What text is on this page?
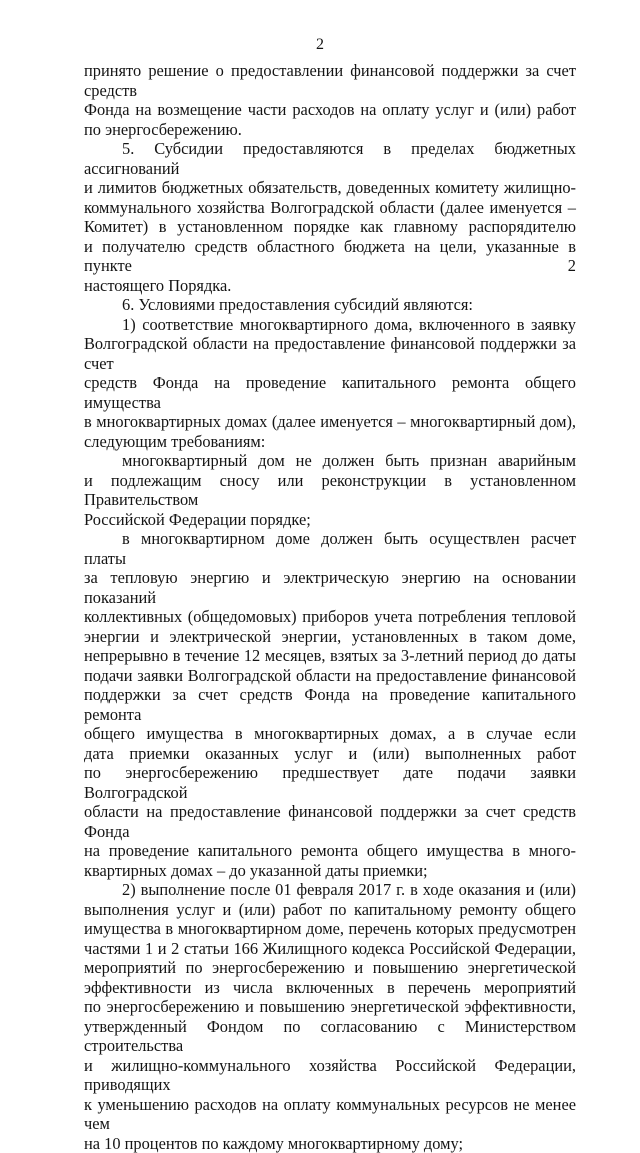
2

принято решение о предоставлении финансовой поддержки за счет средств
Фонда на возмещение части расходов на оплату услуг и (или) работ
по энергосбережению.

5. Субсидии предоставляются в пределах бюджетных ассигнований
и лимитов бюджетных обязательств, доведенных комитету жилищно-
коммунального хозяйства Волгоградской области (далее именуется –
Комитет) в установленном порядке как главному распорядителю
и получателю средств областного бюджета на цели, указанные в пункте 2
настоящего Порядка.

6. Условиями предоставления субсидий являются:

1) соответствие многоквартирного дома, включенного в заявку
Волгоградской области на предоставление финансовой поддержки за счет
средств Фонда на проведение капитального ремонта общего имущества
в многоквартирных домах (далее именуется – многоквартирный дом),
следующим требованиям:

многоквартирный дом не должен быть признан аварийным
и подлежащим сносу или реконструкции в установленном Правительством
Российской Федерации порядке;

в многоквартирном доме должен быть осуществлен расчет платы
за тепловую энергию и электрическую энергию на основании показаний
коллективных (общедомовых) приборов учета потребления тепловой
энергии и электрической энергии, установленных в таком доме,
непрерывно в течение 12 месяцев, взятых за 3-летний период до даты
подачи заявки Волгоградской области на предоставление финансовой
поддержки за счет средств Фонда на проведение капитального ремонта
общего имущества в многоквартирных домах, а в случае если
дата приемки оказанных услуг и (или) выполненных работ
по энергосбережению предшествует дате подачи заявки Волгоградской
области на предоставление финансовой поддержки за счет средств Фонда
на проведение капитального ремонта общего имущества в много-
квартирных домах – до указанной даты приемки;

2) выполнение после 01 февраля 2017 г. в ходе оказания и (или)
выполнения услуг и (или) работ по капитальному ремонту общего
имущества в многоквартирном доме, перечень которых предусмотрен
частями 1 и 2 статьи 166 Жилищного кодекса Российской Федерации,
мероприятий по энергосбережению и повышению энергетической
эффективности из числа включенных в перечень мероприятий
по энергосбережению и повышению энергетической эффективности,
утвержденный Фондом по согласованию с Министерством строительства
и жилищно-коммунального хозяйства Российской Федерации, приводящих
к уменьшению расходов на оплату коммунальных ресурсов не менее чем
на 10 процентов по каждому многоквартирному дому;
